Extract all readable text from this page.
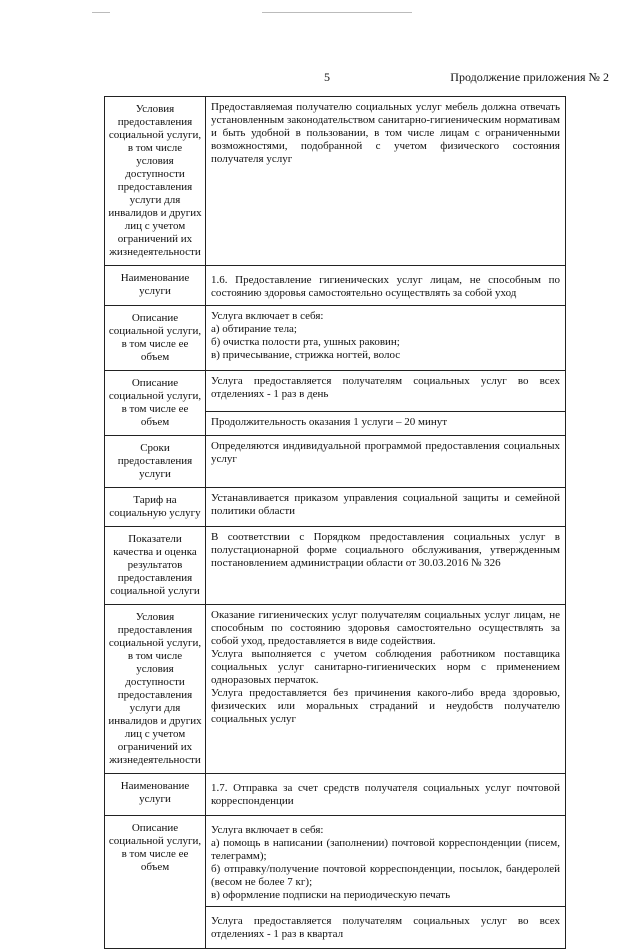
5	Продолжение приложения № 2
Условия предоставления социальной услуги, в том числе условия доступности предоставления услуги для инвалидов и других лиц с учетом ограничений их жизнедеятельности	Предоставляемая получателю социальных услуг мебель должна отвечать установленным законодательством санитарно-гигиеническим нормативам и быть удобной в пользовании, в том числе лицам с ограниченными возможностями, подобранной с учетом физического состояния получателя услуг
Наименование услуги	1.6. Предоставление гигиенических услуг лицам, не способным по состоянию здоровья самостоятельно осуществлять за собой уход
Описание социальной услуги, в том числе ее объем	Услуга включает в себя:

а) обтирание тела;

б) очистка полости рта, ушных раковин;

в) причесывание, стрижка ногтей, волос

Описание социальной услуги, в том числе ее объем	Услуга предоставляется получателям социальных услуг во всех отделениях - 1 раз в день
	Продолжительность оказания 1 услуги – 20 минут
Сроки предоставления услуги	Определяются индивидуальной программой предоставления социальных услуг
Тариф на социальную услугу	Устанавливается приказом управления социальной защиты и семейной политики области
Показатели качества и оценка результатов предоставления социальной услуги	В соответствии с Порядком предоставления социальных услуг в полустационарной форме социального обслуживания, утвержденным постановлением администрации области от 30.03.2016 № 326
Условия предоставления социальной услуги, в том числе условия доступности предоставления услуги для инвалидов и других лиц с учетом ограничений их жизнедеятельности	Оказание гигиенических услуг получателям социальных услуг лицам, не способным по состоянию здоровья самостоятельно осуществлять за собой уход, предоставляется в виде содействия.

Услуга выполняется с учетом соблюдения работником поставщика социальных услуг санитарно-гигиенических норм с применением одноразовых перчаток.

Услуга предоставляется без причинения какого-либо вреда здоровью, физических или моральных страданий и неудобств получателю социальных услуг

Наименование услуги	1.7. Отправка за счет средств получателя социальных услуг почтовой корреспонденции
Описание социальной услуги, в том числе ее объем	Услуга включает в себя:

а) помощь в написании (заполнении) почтовой корреспонденции (писем, телеграмм);

б) отправку/получение почтовой корреспонденции, посылок, бандеролей (весом не более 7 кг);

в) оформление подписки на периодическую печать

	Услуга предоставляется получателям социальных услуг во всех отделениях - 1 раз в квартал
